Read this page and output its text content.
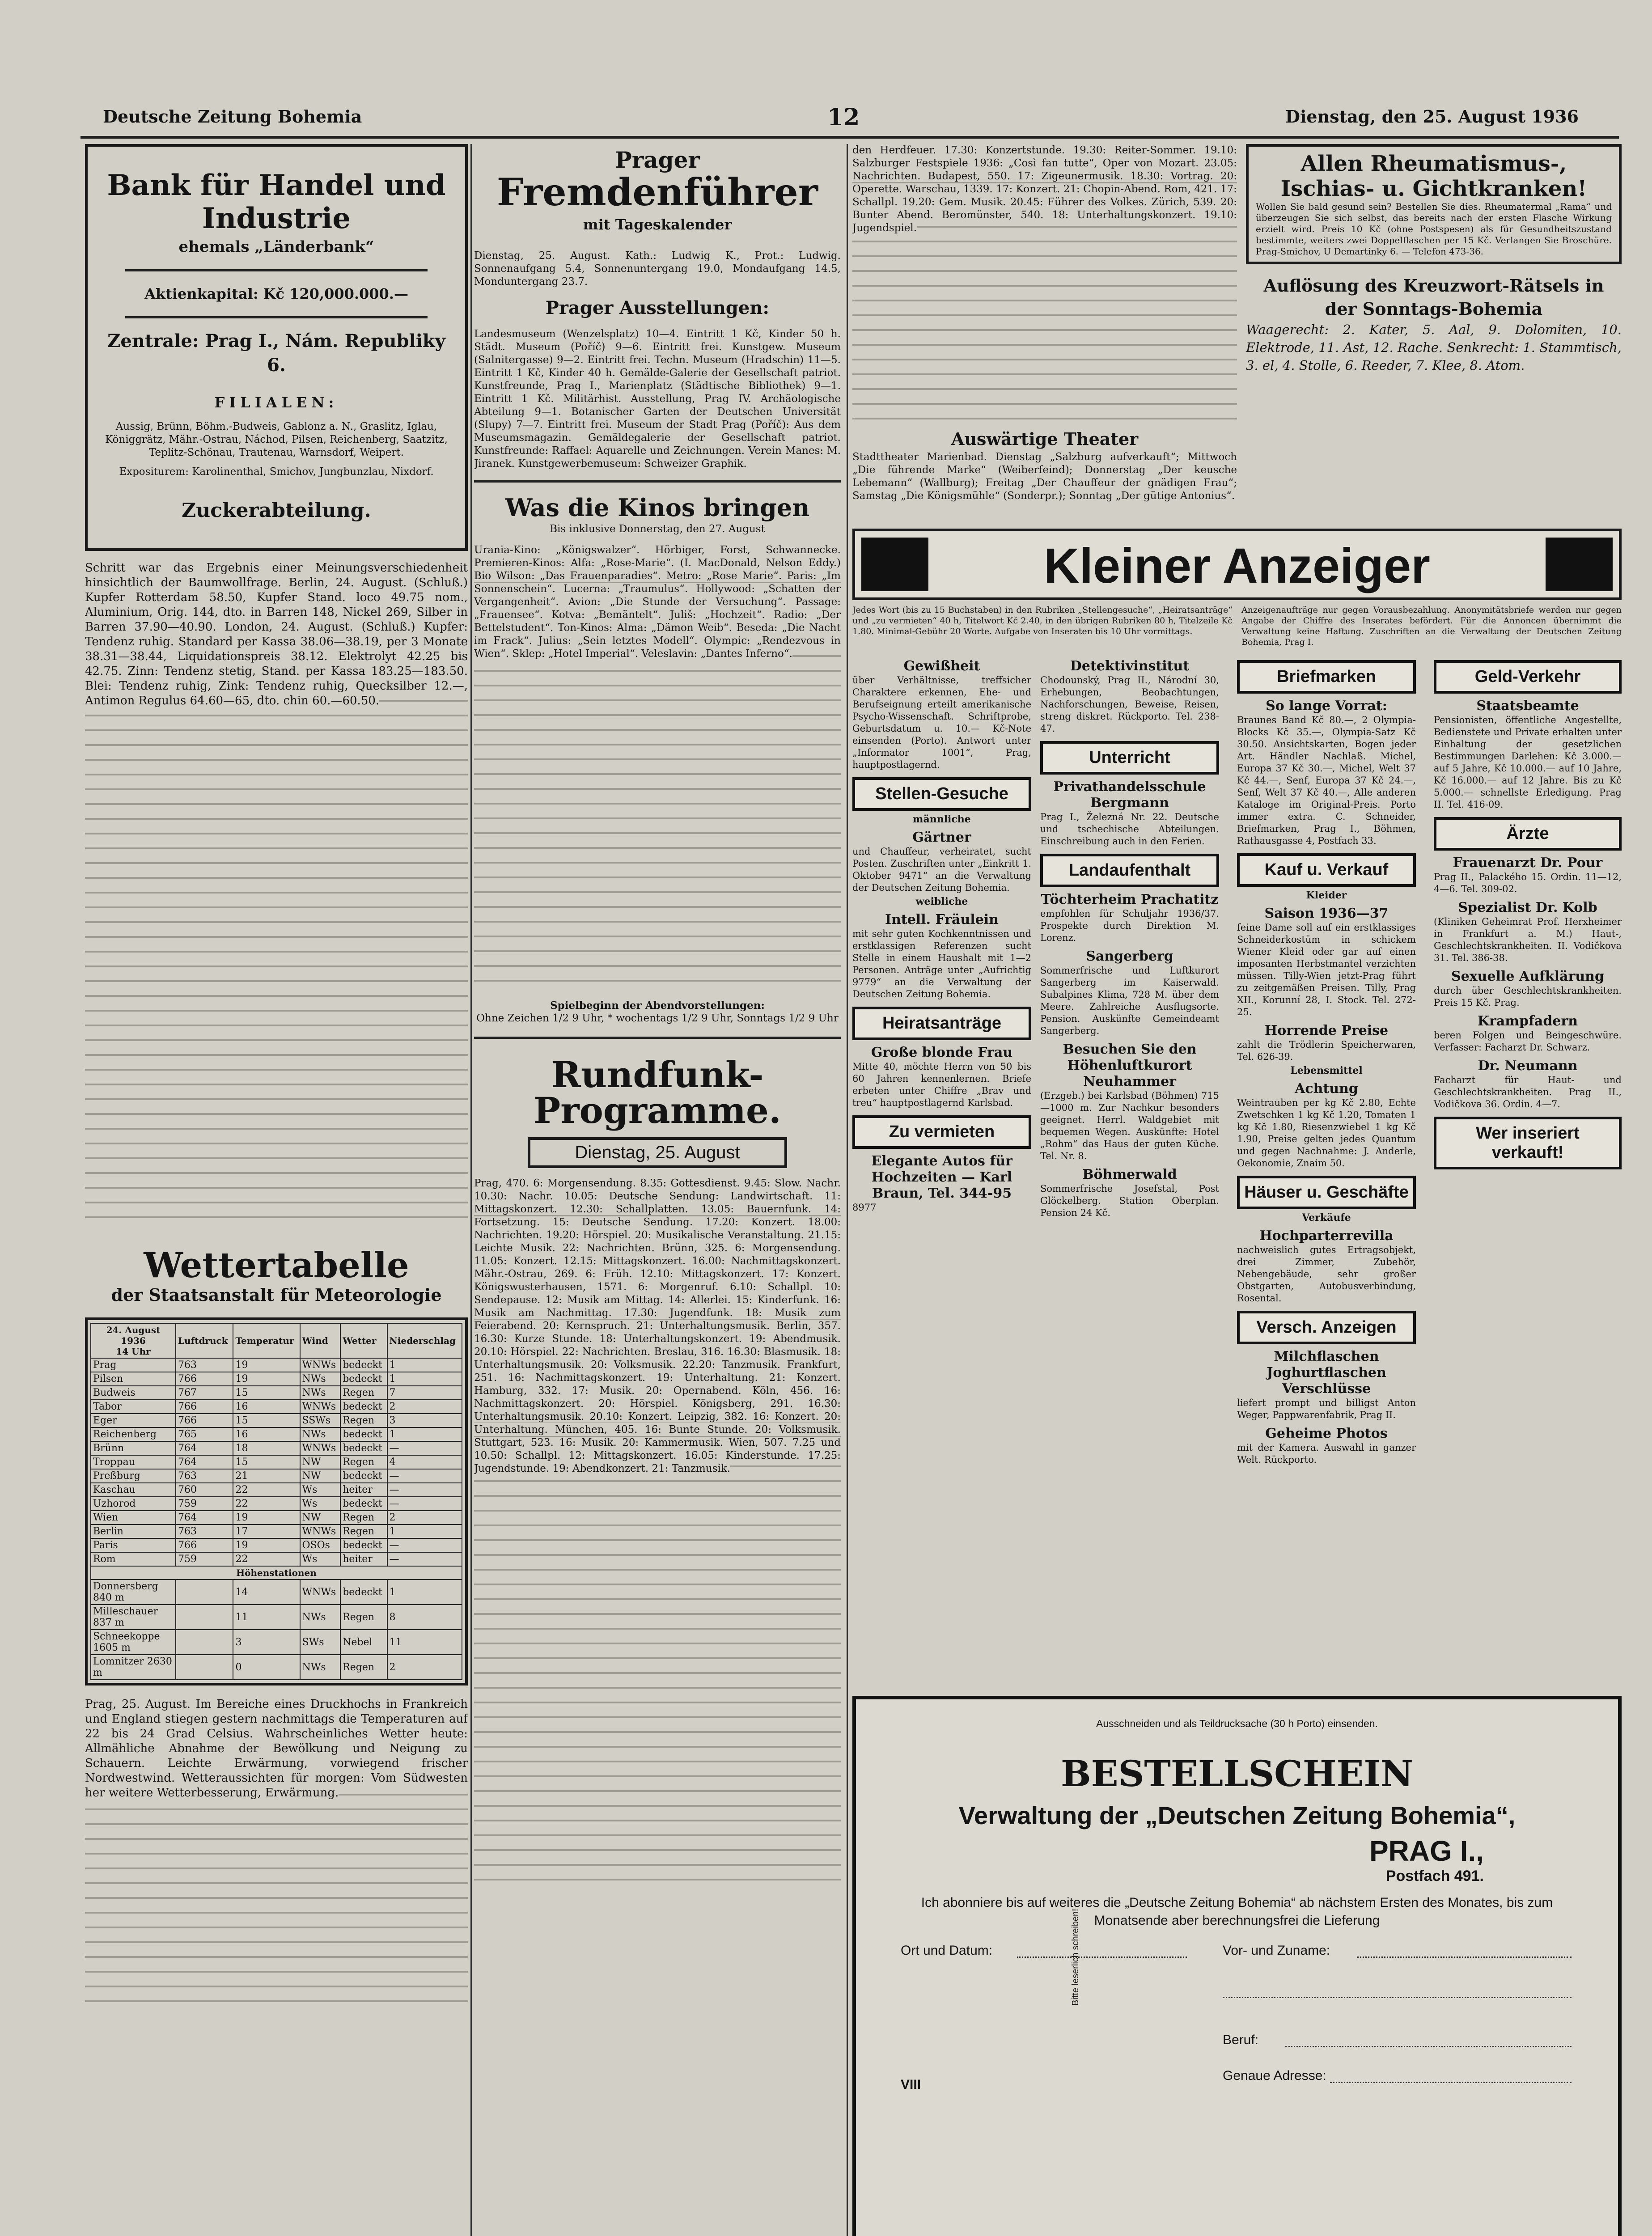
Deutsche Zeitung Bohemia	12	Dienstag, den 25. August 1936
Bank für Handel und Industrie
ehemals „Länderbank“
Aktienkapital: Kč 120,000.000.—
Zentrale: Prag I., Nám. Republiky 6.
FILIALEN:
Aussig, Brünn, Böhm.-Budweis, Gablonz a. N., Graslitz, Iglau, Königgrätz, Mähr.-Ostrau, Náchod, Pilsen, Reichenberg, Saatzitz, Teplitz-Schönau, Trautenau, Warnsdorf, Weipert.
Expositurem: Karolinenthal, Smichov, Jungbunzlau, Nixdorf.
Zuckerabteilung.
Schritt war das Ergebnis einer Meinungsverschiedenheit hinsichtlich der Baumwollfrage. Berlin, 24. August. (Schluß.) Kupfer Rotterdam 58.50, Kupfer Stand. loco 49.75 nom., Aluminium, Orig. 144, dto. in Barren 148, Nickel 269, Silber in Barren 37.90—40.90. London, 24. August. (Schluß.) Kupfer: Tendenz ruhig. Standard per Kassa 38.06—38.19, per 3 Monate 38.31—38.44, Liquidationspreis 38.12. Elektrolyt 42.25 bis 42.75. Zinn: Tendenz stetig, Stand. per Kassa 183.25—183.50. Blei: Tendenz ruhig, Zink: Tendenz ruhig, Quecksilber 12.—, Antimon Regulus 64.60—65, dto. chin 60.—60.50.
Wettertabelle
der Staatsanstalt für Meteorologie
24. August 1936
14 Uhr	Luftdruck	Temperatur	Wind	Wetter	Niederschlag
Prag	763	19	WNWs	bedeckt	1
Pilsen	766	19	NWs	bedeckt	1
Budweis	767	15	NWs	Regen	7
Tabor	766	16	WNWs	bedeckt	2
Eger	766	15	SSWs	Regen	3
Reichenberg	765	16	NWs	bedeckt	1
Brünn	764	18	WNWs	bedeckt	—
Troppau	764	15	NW	Regen	4
Preßburg	763	21	NW	bedeckt	—
Kaschau	760	22	Ws	heiter	—
Uzhorod	759	22	Ws	bedeckt	—
Wien	764	19	NW	Regen	2
Berlin	763	17	WNWs	Regen	1
Paris	766	19	OSOs	bedeckt	—
Rom	759	22	Ws	heiter	—
Höhenstationen					
Donnersberg 840 m		14	WNWs	bedeckt	1
Milleschauer 837 m		11	NWs	Regen	8
Schneekoppe 1605 m		3	SWs	Nebel	11
Lomnitzer 2630 m		0	NWs	Regen	2
Prag, 25. August. Im Bereiche eines Druckhochs in Frankreich und England stiegen gestern nachmittags die Temperaturen auf 22 bis 24 Grad Celsius. Wahrscheinliches Wetter heute: Allmähliche Abnahme der Bewölkung und Neigung zu Schauern. Leichte Erwärmung, vorwiegend frischer Nordwestwind. Wetteraussichten für morgen: Vom Südwesten her weitere Wetterbesserung, Erwärmung.
Prager
Fremdenführer
mit Tageskalender
Dienstag, 25. August. Kath.: Ludwig K., Prot.: Ludwig. Sonnenaufgang 5.4, Sonnenuntergang 19.0, Mondaufgang 14.5, Monduntergang 23.7.
Prager Ausstellungen:
Landesmuseum (Wenzelsplatz) 10—4. Eintritt 1 Kč, Kinder 50 h. Städt. Museum (Poříč) 9—6. Eintritt frei. Kunstgew. Museum (Salnitergasse) 9—2. Eintritt frei. Techn. Museum (Hradschin) 11—5. Eintritt 1 Kč, Kinder 40 h. Gemälde-Galerie der Gesellschaft patriot. Kunstfreunde, Prag I., Marienplatz (Städtische Bibliothek) 9—1. Eintritt 1 Kč. Militärhist. Ausstellung, Prag IV. Archäologische Abteilung 9—1. Botanischer Garten der Deutschen Universität (Slupy) 7—7. Eintritt frei. Museum der Stadt Prag (Poříč): Aus dem Museumsmagazin. Gemäldegalerie der Gesellschaft patriot. Kunstfreunde: Raffael: Aquarelle und Zeichnungen. Verein Manes: M. Jiranek. Kunstgewerbemuseum: Schweizer Graphik.
Was die Kinos bringen
Bis inklusive Donnerstag, den 27. August
Urania-Kino: „Königswalzer“. Hörbiger, Forst, Schwannecke. Premieren-Kinos: Alfa: „Rose-Marie“. (I. MacDonald, Nelson Eddy.) Bio Wilson: „Das Frauenparadies“. Metro: „Rose Marie“. Paris: „Im Sonnenschein“. Lucerna: „Traumulus“. Hollywood: „Schatten der Vergangenheit“. Avion: „Die Stunde der Versuchung“. Passage: „Frauensee“. Kotva: „Bemäntelt“. Juliš: „Hochzeit“. Radio: „Der Bettelstudent“. Ton-Kinos: Alma: „Dämon Weib“. Beseda: „Die Nacht im Frack“. Julius: „Sein letztes Modell“. Olympic: „Rendezvous in Wien“. Sklep: „Hotel Imperial“. Veleslavin: „Dantes Inferno“.
Spielbeginn der Abendvorstellungen:
Ohne Zeichen 1/2 9 Uhr, * wochentags 1/2 9 Uhr, Sonntags 1/2 9 Uhr
Rundfunk-Programme.
Dienstag, 25. August
Prag, 470. 6: Morgensendung. 8.35: Gottesdienst. 9.45: Slow. Nachr. 10.30: Nachr. 10.05: Deutsche Sendung: Landwirtschaft. 11: Mittagskonzert. 12.30: Schallplatten. 13.05: Bauernfunk. 14: Fortsetzung. 15: Deutsche Sendung. 17.20: Konzert. 18.00: Nachrichten. 19.20: Hörspiel. 20: Musikalische Veranstaltung. 21.15: Leichte Musik. 22: Nachrichten. Brünn, 325. 6: Morgensendung. 11.05: Konzert. 12.15: Mittagskonzert. 16.00: Nachmittagskonzert. Mähr.-Ostrau, 269. 6: Früh. 12.10: Mittagskonzert. 17: Konzert. Königswusterhausen, 1571. 6: Morgenruf. 6.10: Schallpl. 10: Sendepause. 12: Musik am Mittag. 14: Allerlei. 15: Kinderfunk. 16: Musik am Nachmittag. 17.30: Jugendfunk. 18: Musik zum Feierabend. 20: Kernspruch. 21: Unterhaltungsmusik. Berlin, 357. 16.30: Kurze Stunde. 18: Unterhaltungskonzert. 19: Abendmusik. 20.10: Hörspiel. 22: Nachrichten. Breslau, 316. 16.30: Blasmusik. 18: Unterhaltungsmusik. 20: Volksmusik. 22.20: Tanzmusik. Frankfurt, 251. 16: Nachmittagskonzert. 19: Unterhaltung. 21: Konzert. Hamburg, 332. 17: Musik. 20: Opernabend. Köln, 456. 16: Nachmittagskonzert. 20: Hörspiel. Königsberg, 291. 16.30: Unterhaltungsmusik. 20.10: Konzert. Leipzig, 382. 16: Konzert. 20: Unterhaltung. München, 405. 16: Bunte Stunde. 20: Volksmusik. Stuttgart, 523. 16: Musik. 20: Kammermusik. Wien, 507. 7.25 und 10.50: Schallpl. 12: Mittagskonzert. 16.05: Kinderstunde. 17.25: Jugendstunde. 19: Abendkonzert. 21: Tanzmusik.
den Herdfeuer. 17.30: Konzertstunde. 19.30: Reiter-Sommer. 19.10: Salzburger Festspiele 1936: „Così fan tutte“, Oper von Mozart. 23.05: Nachrichten. Budapest, 550. 17: Zigeunermusik. 18.30: Vortrag. 20: Operette. Warschau, 1339. 17: Konzert. 21: Chopin-Abend. Rom, 421. 17: Schallpl. 19.20: Gem. Musik. 20.45: Führer des Volkes. Zürich, 539. 20: Bunter Abend. Beromünster, 540. 18: Unterhaltungskonzert. 19.10: Jugendspiel.
Auswärtige Theater
Stadttheater Marienbad. Dienstag „Salzburg aufverkauft“; Mittwoch „Die führende Marke“ (Weiberfeind); Donnerstag „Der keusche Lebemann“ (Wallburg); Freitag „Der Chauffeur der gnädigen Frau“; Samstag „Die Königsmühle“ (Sonderpr.); Sonntag „Der gütige Antonius“.
Allen Rheumatismus-, Ischias- u. Gichtkranken!
Wollen Sie bald gesund sein? Bestellen Sie dies. Rheumatermal „Rama“ und überzeugen Sie sich selbst, das bereits nach der ersten Flasche Wirkung erzielt wird. Preis 10 Kč (ohne Postspesen) als für Gesundheitszustand bestimmte, weiters zwei Doppelflaschen per 15 Kč. Verlangen Sie Broschüre. Prag-Smichov, U Demartinky 6. — Telefon 473-36.
Auflösung des Kreuzwort-Rätsels in der Sonntags-Bohemia
Waagerecht: 2. Kater, 5. Aal, 9. Dolomiten, 10. Elektrode, 11. Ast, 12. Rache. Senkrecht: 1. Stammtisch, 3. el, 4. Stolle, 6. Reeder, 7. Klee, 8. Atom.
Kleiner Anzeiger
Jedes Wort (bis zu 15 Buchstaben) in den Rubriken „Stellengesuche“, „Heiratsanträge“ und „zu vermieten“ 40 h, Titelwort Kč 2.40, in den übrigen Rubriken 80 h, Titelzeile Kč 1.80. Minimal-Gebühr 20 Worte. Aufgabe von Inseraten bis 10 Uhr vormittags.
Anzeigenaufträge nur gegen Vorausbezahlung. Anonymitätsbriefe werden nur gegen Angabe der Chiffre des Inserates befördert. Für die Annoncen übernimmt die Verwaltung keine Haftung. Zuschriften an die Verwaltung der Deutschen Zeitung Bohemia, Prag I.
Gewißheit
über Verhältnisse, treffsicher Charaktere erkennen, Ehe- und Berufseignung erteilt amerikanische Psycho-Wissenschaft. Schriftprobe, Geburtsdatum u. 10.— Kč-Note einsenden (Porto). Antwort unter „Informator 1001“, Prag, hauptpostlagernd.
Stellen-Gesuche
männliche
Gärtner
und Chauffeur, verheiratet, sucht Posten. Zuschriften unter „Einkritt 1. Oktober 9471“ an die Verwaltung der Deutschen Zeitung Bohemia.
weibliche
Intell. Fräulein
mit sehr guten Kochkenntnissen und erstklassigen Referenzen sucht Stelle in einem Haushalt mit 1—2 Personen. Anträge unter „Aufrichtig 9779“ an die Verwaltung der Deutschen Zeitung Bohemia.
Heiratsanträge
Große blonde Frau
Mitte 40, möchte Herrn von 50 bis 60 Jahren kennenlernen. Briefe erbeten unter Chiffre „Brav und treu“ hauptpostlagernd Karlsbad.
Zu vermieten
Elegante Autos für Hochzeiten — Karl Braun, Tel. 344-95
8977
Detektivinstitut
Chodounský, Prag II., Národní 30, Erhebungen, Beobachtungen, Nachforschungen, Beweise, Reisen, streng diskret. Rückporto. Tel. 238-47.
Unterricht
Privathandelsschule Bergmann
Prag I., Železná Nr. 22. Deutsche und tschechische Abteilungen. Einschreibung auch in den Ferien.
Landaufenthalt
Töchterheim Prachatitz
empfohlen für Schuljahr 1936/37. Prospekte durch Direktion M. Lorenz.
Sangerberg
Sommerfrische und Luftkurort Sangerberg im Kaiserwald. Subalpines Klima, 728 M. über dem Meere. Zahlreiche Ausflugsorte. Pension. Auskünfte Gemeindeamt Sangerberg.
Besuchen Sie den Höhenluftkurort Neuhammer
(Erzgeb.) bei Karlsbad (Böhmen) 715—1000 m. Zur Nachkur besonders geeignet. Herrl. Waldgebiet mit bequemen Wegen. Auskünfte: Hotel „Rohm“ das Haus der guten Küche. Tel. Nr. 8.
Böhmerwald
Sommerfrische Josefstal, Post Glöckelberg. Station Oberplan. Pension 24 Kč.
Briefmarken
So lange Vorrat:
Braunes Band Kč 80.—, 2 Olympia-Blocks Kč 35.—, Olympia-Satz Kč 30.50. Ansichtskarten, Bogen jeder Art. Händler Nachlaß. Michel, Europa 37 Kč 30.—, Michel, Welt 37 Kč 44.—, Senf, Europa 37 Kč 24.—, Senf, Welt 37 Kč 40.—, Alle anderen Kataloge im Original-Preis. Porto immer extra. C. Schneider, Briefmarken, Prag I., Böhmen, Rathausgasse 4, Postfach 33.
Kauf u. Verkauf
Kleider
Saison 1936—37
feine Dame soll auf ein erstklassiges Schneiderkostüm in schickem Wiener Kleid oder gar auf einen imposanten Herbstmantel verzichten müssen. Tilly-Wien jetzt-Prag führt zu zeitgemäßen Preisen. Tilly, Prag XII., Korunní 28, I. Stock. Tel. 272-25.
Horrende Preise
zahlt die Trödlerin Speicherwaren, Tel. 626-39.
Lebensmittel
Achtung
Weintrauben per kg Kč 2.80, Echte Zwetschken 1 kg Kč 1.20, Tomaten 1 kg Kč 1.80, Riesenzwiebel 1 kg Kč 1.90, Preise gelten jedes Quantum und gegen Nachnahme: J. Anderle, Oekonomie, Znaim 50.
Häuser u. Geschäfte
Verkäufe
Hochparterrevilla
nachweislich gutes Ertragsobjekt, drei Zimmer, Zubehör, Nebengebäude, sehr großer Obstgarten, Autobusverbindung, Rosental.
Versch. Anzeigen
Milchflaschen Joghurtflaschen Verschlüsse
liefert prompt und billigst Anton Weger, Pappwarenfabrik, Prag II.
Geheime Photos
mit der Kamera. Auswahl in ganzer Welt. Rückporto.
Geld-Verkehr
Staatsbeamte
Pensionisten, öffentliche Angestellte, Bedienstete und Private erhalten unter Einhaltung der gesetzlichen Bestimmungen Darlehen: Kč 3.000.— auf 5 Jahre, Kč 10.000.— auf 10 Jahre, Kč 16.000.— auf 12 Jahre. Bis zu Kč 5.000.— schnellste Erledigung. Prag II. Tel. 416-09.
Ärzte
Frauenarzt Dr. Pour
Prag II., Palackého 15. Ordin. 11—12, 4—6. Tel. 309-02.
Spezialist Dr. Kolb
(Kliniken Geheimrat Prof. Herxheimer in Frankfurt a. M.) Haut-, Geschlechtskrankheiten. II. Vodičkova 31. Tel. 386-38.
Sexuelle Aufklärung
durch über Geschlechtskrankheiten. Preis 15 Kč. Prag.
Krampfadern
beren Folgen und Beingeschwüre. Verfasser: Facharzt Dr. Schwarz.
Dr. Neumann
Facharzt für Haut- und Geschlechtskrankheiten. Prag II., Vodičkova 36. Ordin. 4—7.
Wer inseriert verkauft!
Ausschneiden und als Teildrucksache (30 h Porto) einsenden.
BESTELLSCHEIN
Verwaltung der „Deutschen Zeitung Bohemia“,
PRAG I.,
Postfach 491.
Ich abonniere bis auf weiteres die „Deutsche Zeitung Bohemia“ ab nächstem Ersten des Monates, bis zum Monatsende aber berechnungsfrei die Lieferung
Ort und Datum:	Bitte leserlich schreiben!	Vor- und Zuname:
Beruf:
Genaue Adresse:
VIII
